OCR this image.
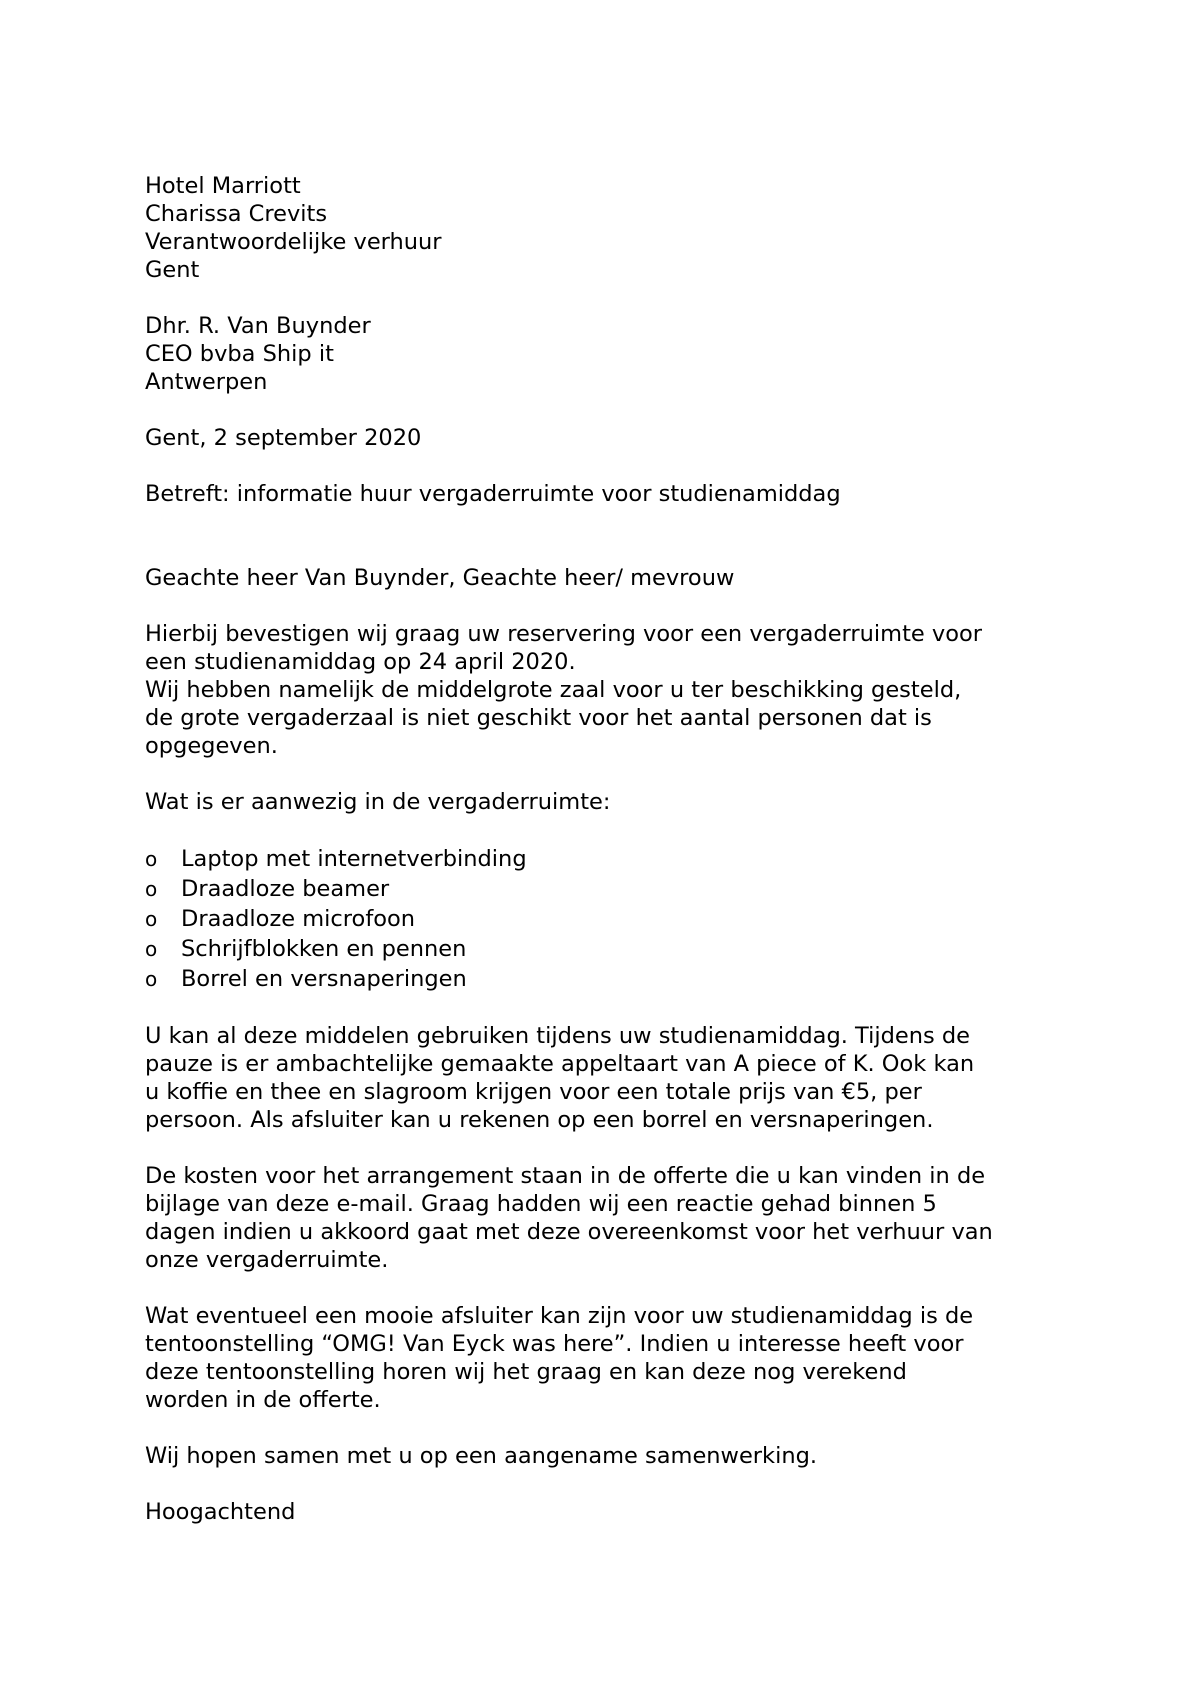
Hotel Marriott
Charissa Crevits
Verantwoordelijke verhuur
Gent
Dhr. R. Van Buynder
CEO bvba Ship it
Antwerpen
Gent, 2 september 2020
Betreft: informatie huur vergaderruimte voor studienamiddag
Geachte heer Van Buynder, Geachte heer/ mevrouw
Hierbij bevestigen wij graag uw reservering voor een vergaderruimte voor
een studienamiddag op 24 april 2020.
Wij hebben namelijk de middelgrote zaal voor u ter beschikking gesteld,
de grote vergaderzaal is niet geschikt voor het aantal personen dat is
opgegeven.
Wat is er aanwezig in de vergaderruimte:
o Laptop met internetverbinding
o Draadloze beamer
o Draadloze microfoon
o Schrijfblokken en pennen
o Borrel en versnaperingen
U kan al deze middelen gebruiken tijdens uw studienamiddag. Tijdens de
pauze is er ambachtelijke gemaakte appeltaart van A piece of K. Ook kan
u koffie en thee en slagroom krijgen voor een totale prijs van €5, per
persoon. Als afsluiter kan u rekenen op een borrel en versnaperingen.
De kosten voor het arrangement staan in de offerte die u kan vinden in de
bijlage van deze e-mail. Graag hadden wij een reactie gehad binnen 5
dagen indien u akkoord gaat met deze overeenkomst voor het verhuur van
onze vergaderruimte.
Wat eventueel een mooie afsluiter kan zijn voor uw studienamiddag is de
tentoonstelling “OMG! Van Eyck was here”. Indien u interesse heeft voor
deze tentoonstelling horen wij het graag en kan deze nog verekend
worden in de offerte.
Wij hopen samen met u op een aangename samenwerking.
Hoogachtend
